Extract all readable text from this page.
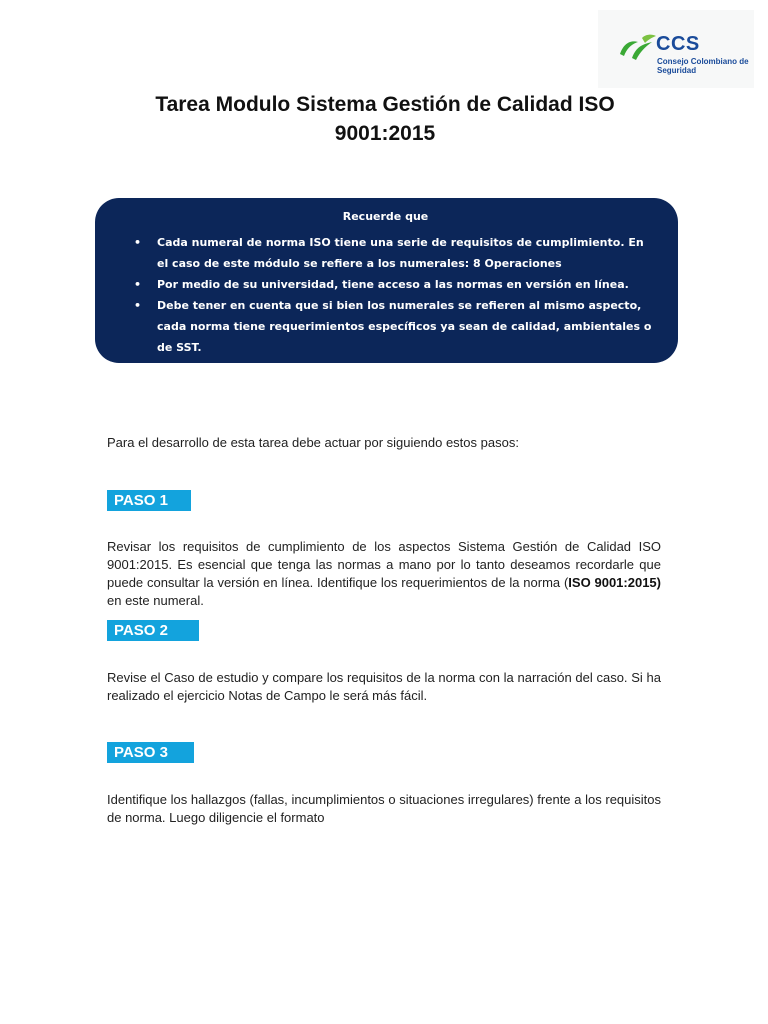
CCS
Consejo Colombiano de Seguridad
Tarea Modulo Sistema Gestión de Calidad ISO 9001:2015
Recuerde que
• Cada numeral de norma ISO tiene una serie de requisitos de cumplimiento. En el caso de este módulo se refiere a los numerales: 8 Operaciones
• Por medio de su universidad, tiene acceso a las normas en versión en línea.
• Debe tener en cuenta que si bien los numerales se refieren al mismo aspecto, cada norma tiene requerimientos específicos ya sean de calidad, ambientales o de SST.
Para el desarrollo de esta tarea debe actuar por siguiendo estos pasos:
PASO 1
Revisar los requisitos de cumplimiento de los aspectos Sistema Gestión de Calidad ISO 9001:2015. Es esencial que tenga las normas a mano por lo tanto deseamos recordarle que puede consultar la versión en línea. Identifique los requerimientos de la norma (ISO 9001:2015) en este numeral.
PASO 2
Revise el Caso de estudio y compare los requisitos de la norma con la narración del caso. Si ha realizado el ejercicio Notas de Campo le será más fácil.
PASO 3
Identifique los hallazgos (fallas, incumplimientos o situaciones irregulares) frente a los requisitos de norma. Luego diligencie el formato
